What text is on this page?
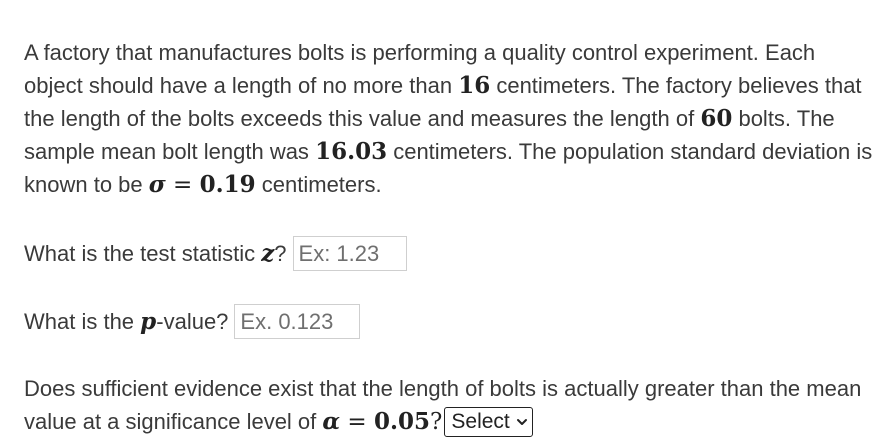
A factory that manufactures bolts is performing a quality control experiment. Each object should have a length of no more than 16 centimeters. The factory believes that the length of the bolts exceeds this value and measures the length of 60 bolts. The sample mean bolt length was 16.03 centimeters. The population standard deviation is known to be σ = 0.19 centimeters.

What is the test statistic
z ?
Ex: 1.23

What is the
p -value?
Ex. 0.123

Does sufficient evidence exist that the length of bolts is actually greater than the mean value at a significance level of α = 0.05? Select
